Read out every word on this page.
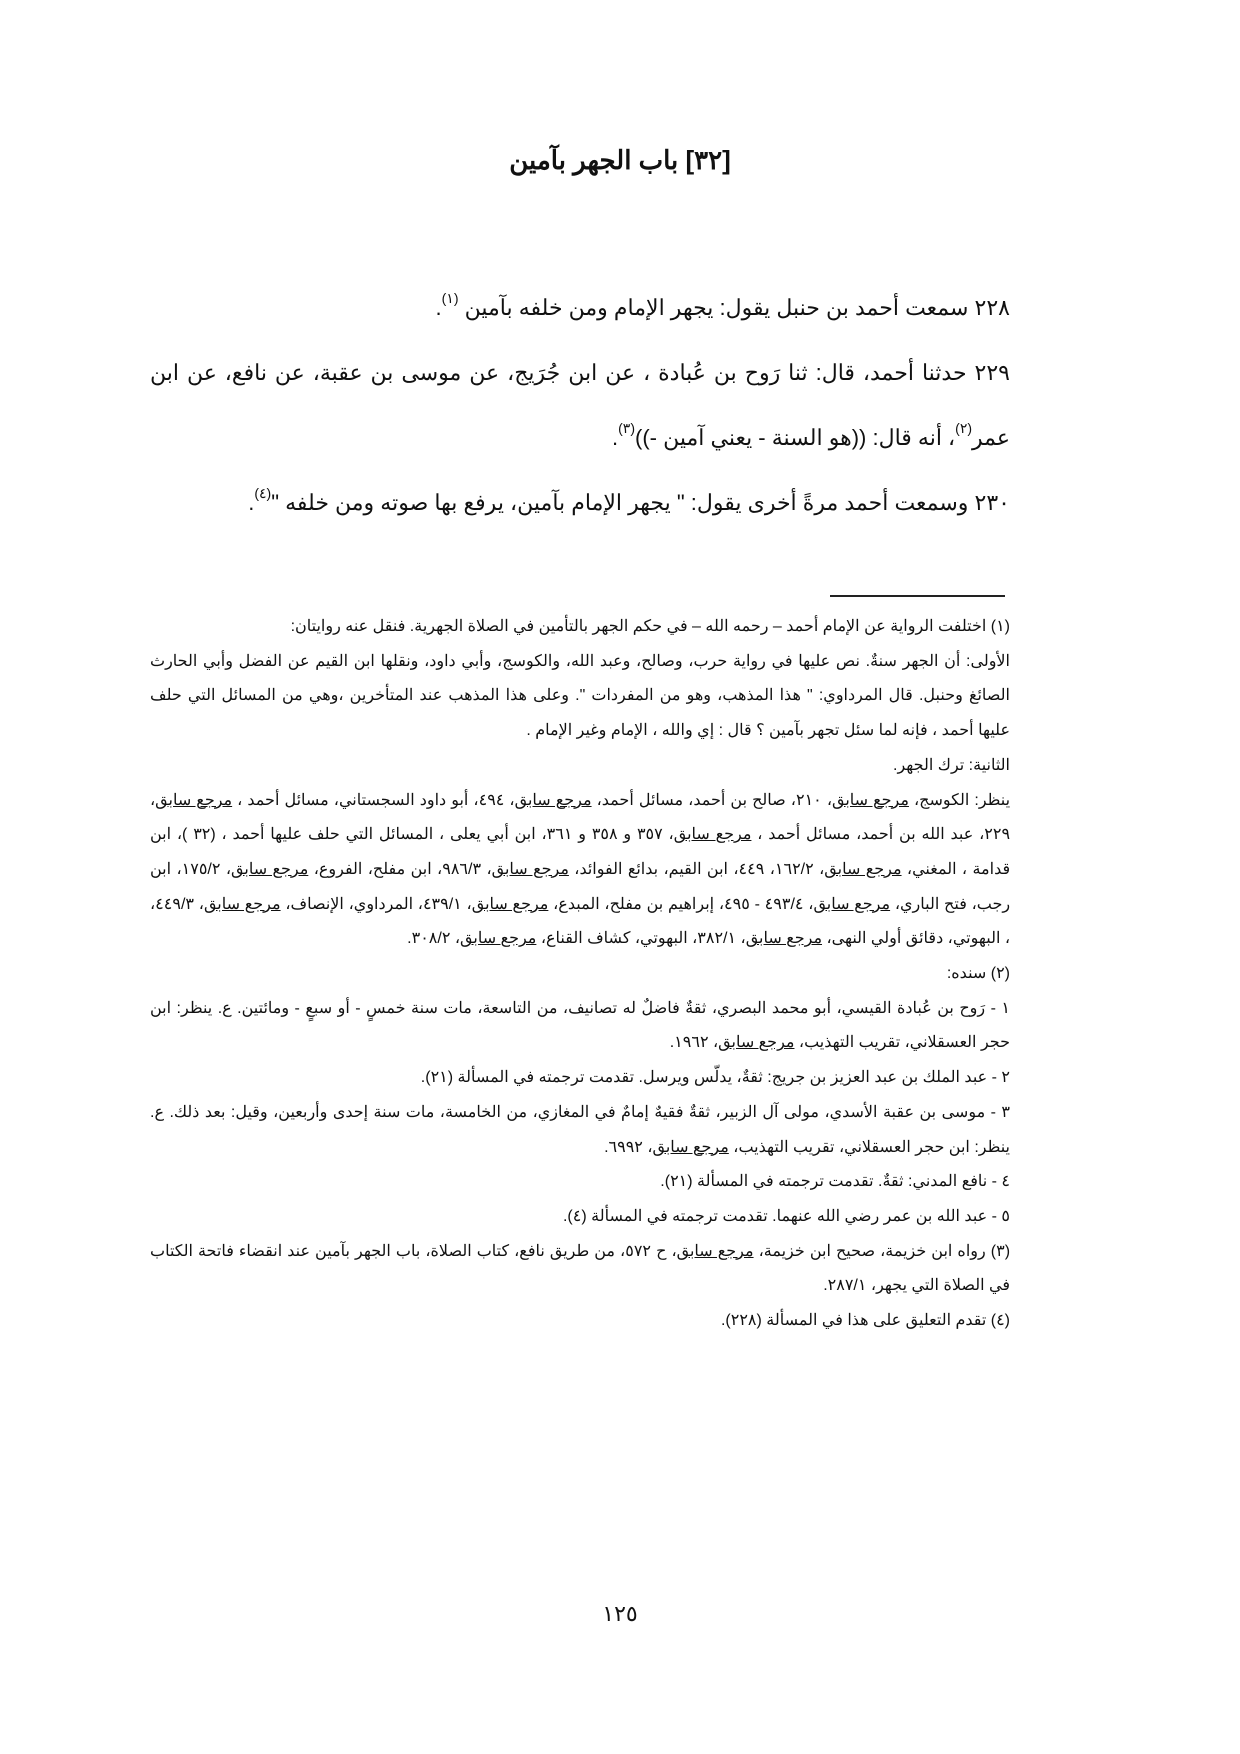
[٣٢] باب الجهر بآمين

٢٢٨ سمعت أحمد بن حنبل يقول: يجهر الإمام ومن خلفه بآمين $^{(١)}$.

٢٢٩ حدثنا أحمد، قال: ثنا رَوح بن عُبادة ، عن ابن جُرَيج، عن موسى بن عقبة، عن نافع، عن ابن عمر$^{(٢)}$، أنه قال: ((هو السنة - يعني آمين -))$^{(٣)}$.

٢٣٠ وسمعت أحمد مرةً أخرى يقول: " يجهر الإمام بآمين، يرفع بها صوته ومن خلفه "$^{(٤)}$.

(١) اختلفت الرواية عن الإمام أحمد – رحمه الله – في حكم الجهر بالتأمين في الصلاة الجهرية. فنقل عنه روايتان:

الأولى: أن الجهر سنةٌ. نص عليها في رواية حرب، وصالح، وعبد الله، والكوسج، وأبي داود، ونقلها ابن القيم عن الفضل وأبي الحارث الصائغ وحنبل. قال المرداوي: " هذا المذهب، وهو من المفردات ". وعلى هذا المذهب عند المتأخرين ،وهي من المسائل التي حلف عليها أحمد ، فإنه لما سئل تجهر بآمين ؟ قال : إي والله ، الإمام وغير الإمام .

الثانية: ترك الجهر.

ينظر: الكوسج، مرجع سابق، ٢١٠، صالح بن أحمد، مسائل أحمد، مرجع سابق، ٤٩٤، أبو داود السجستاني، مسائل أحمد ، مرجع سابق، ٢٢٩، عبد الله بن أحمد، مسائل أحمد ، مرجع سابق، ٣٥٧ و ٣٥٨ و ٣٦١، ابن أبي يعلى ، المسائل التي حلف عليها أحمد ، (٣٢ )، ابن قدامة ، المغني، مرجع سابق، ١٦٢/٢، ٤٤٩، ابن القيم، بدائع الفوائد، مرجع سابق، ٩٨٦/٣، ابن مفلح، الفروع، مرجع سابق، ١٧٥/٢، ابن رجب، فتح الباري، مرجع سابق، ٤٩٣/٤ - ٤٩٥، إبراهيم بن مفلح، المبدع، مرجع سابق، ٤٣٩/١، المرداوي، الإنصاف، مرجع سابق، ٤٤٩/٣، ، البهوتي، دقائق أولي النهى، مرجع سابق، ٣٨٢/١، البهوتي، كشاف القناع، مرجع سابق، ٣٠٨/٢.

(٢) سنده:

١ - رَوح بن عُبادة القيسي، أبو محمد البصري، ثقةٌ فاضلٌ له تصانيف، من التاسعة، مات سنة خمسٍ - أو سبعٍ - ومائتين. ع. ينظر: ابن حجر العسقلاني، تقريب التهذيب، مرجع سابق، ١٩٦٢.

٢ - عبد الملك بن عبد العزيز بن جريج: ثقةٌ، يدلّس ويرسل. تقدمت ترجمته في المسألة (٢١).

٣ - موسى بن عقبة الأسدي، مولى آل الزبير، ثقةٌ فقيهٌ إمامٌ في المغازي، من الخامسة، مات سنة إحدى وأربعين، وقيل: بعد ذلك. ع. ينظر: ابن حجر العسقلاني، تقريب التهذيب، مرجع سابق، ٦٩٩٢.

٤ - نافع المدني: ثقةٌ. تقدمت ترجمته في المسألة (٢١).

٥ - عبد الله بن عمر رضي الله عنهما. تقدمت ترجمته في المسألة (٤).

(٣) رواه ابن خزيمة، صحيح ابن خزيمة، مرجع سابق، ح ٥٧٢، من طريق نافع، كتاب الصلاة، باب الجهر بآمين عند انقضاء فاتحة الكتاب في الصلاة التي يجهر، ٢٨٧/١.

(٤) تقدم التعليق على هذا في المسألة (٢٢٨).

١٢٥
